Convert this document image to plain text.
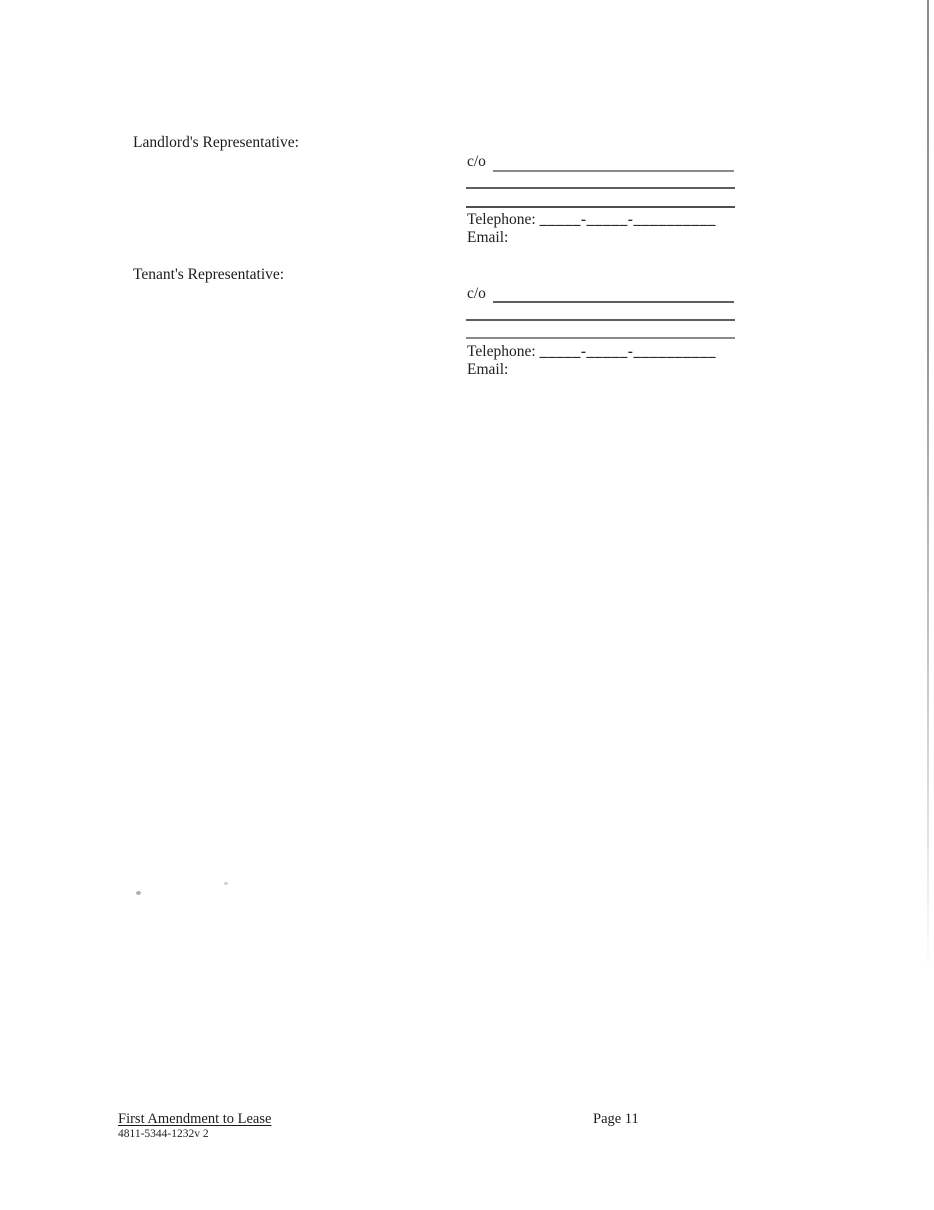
Landlord's Representative:
c/o
Telephone: _____-_____-__________
Email:
Tenant's Representative:
c/o
Telephone: _____-_____-__________
Email:
First Amendment to Lease
4811-5344-1232v 2
Page 11
